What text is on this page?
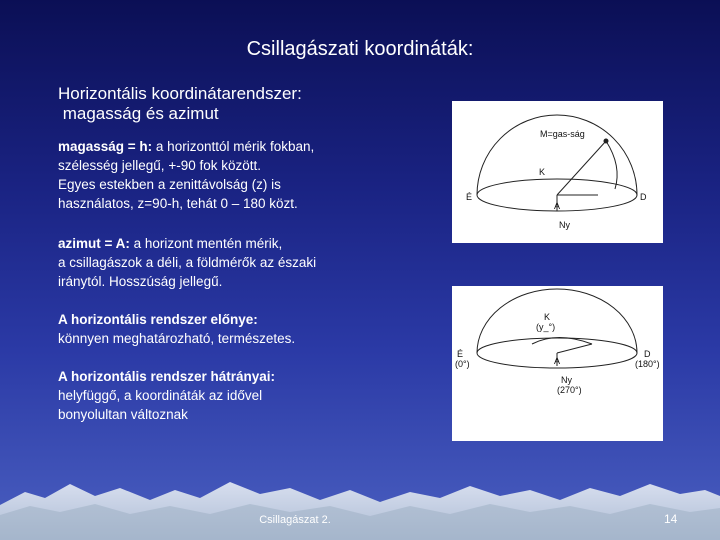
Csillagászati koordináták:
Horizontális koordinátarendszer:
magasság és azimut
magasság = h: a horizonttól mérik fokban,
szélesség jellegű, +-90 fok között.
Egyes estekben a zenittávolság (z) is
használatos, z=90-h, tehát 0 – 180 közt.
azimut = A: a horizont mentén mérik,
a csillagászok a déli, a földmérők az északi
iránytól. Hosszúság jellegű.
A horizontális rendszer előnye:
könnyen meghatározható, természetes.
A horizontális rendszer hátrányai:
helyfüggő, a koordináták az idővel
bonyolultan változnak
M=gas-ság
K
É	D
A
Ny
K
(y_°)
É
(0°)
D
(180°)
A
Ny
(270°)
Csillagászat 2.	14
